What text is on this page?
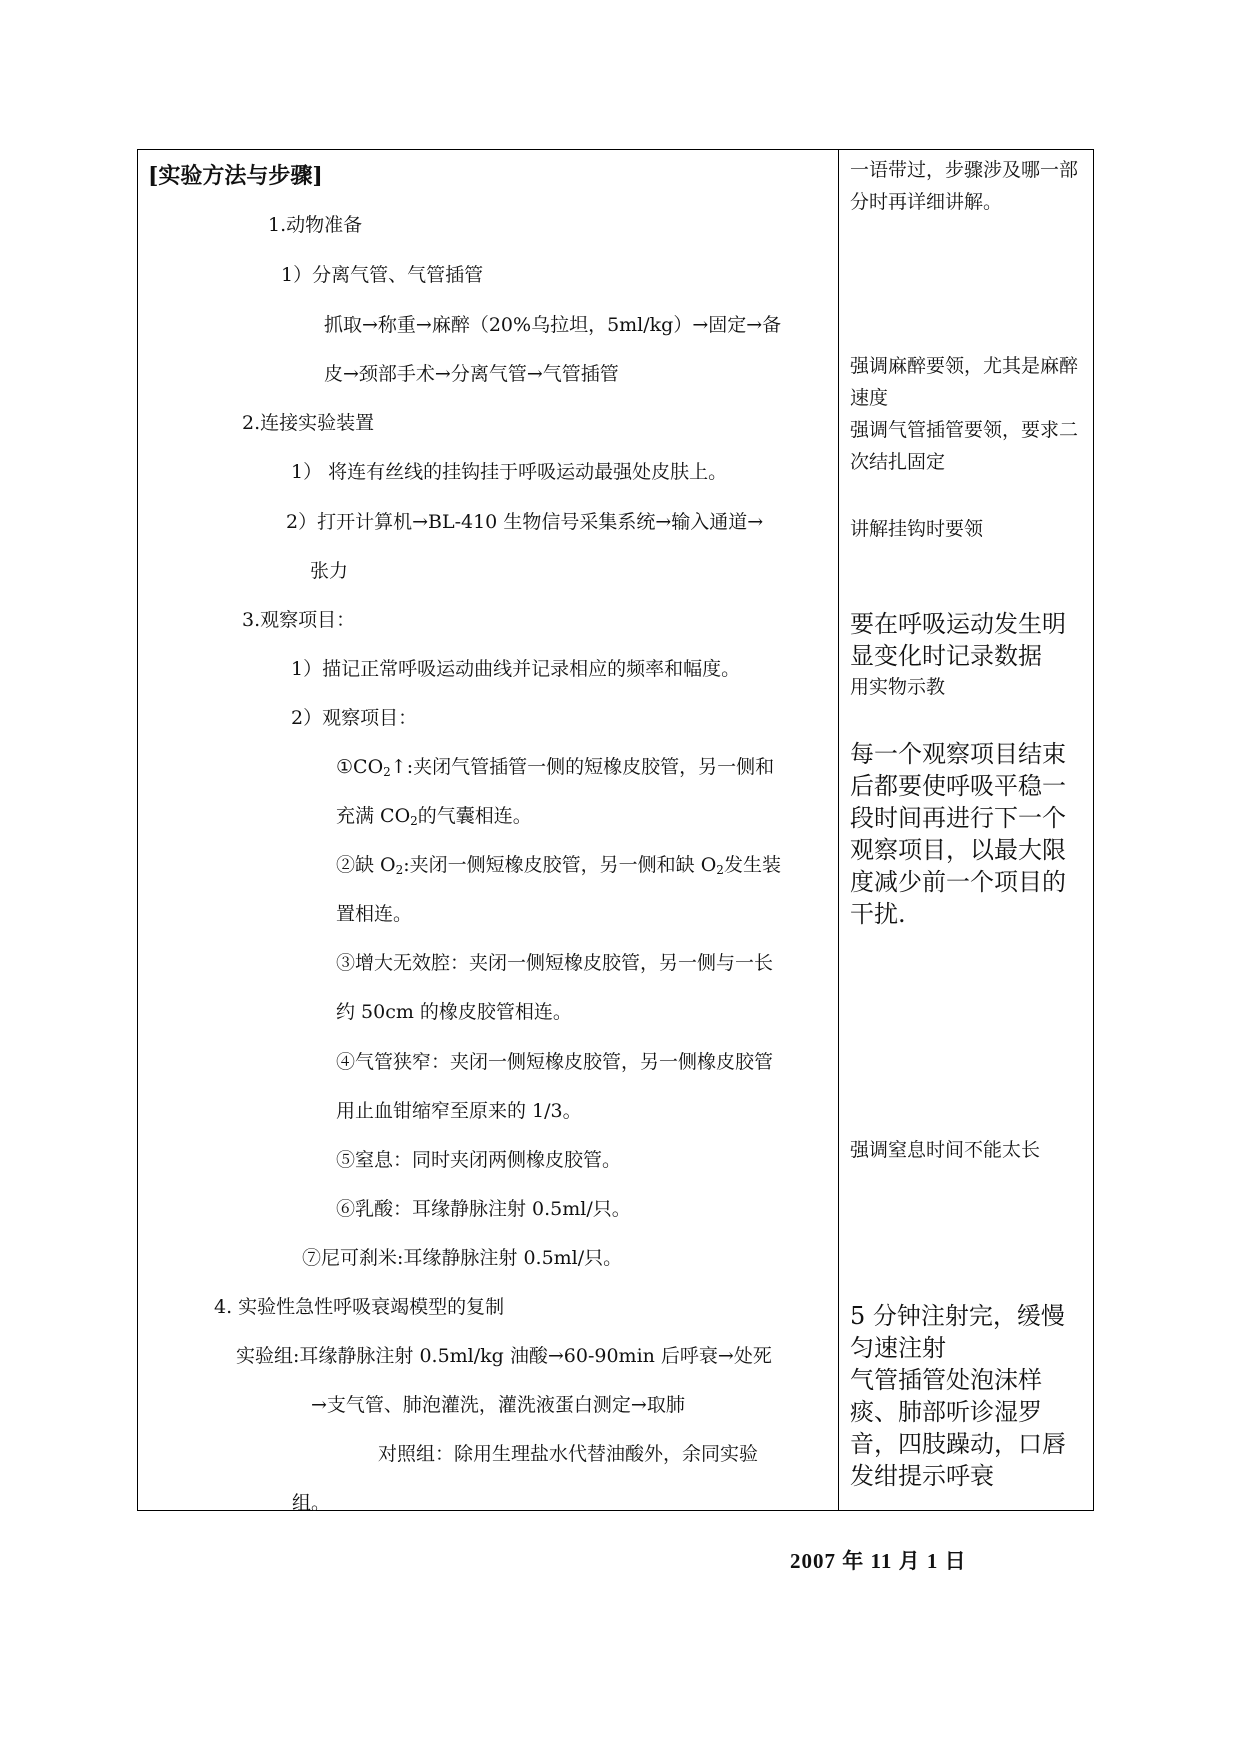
[实验方法与步骤]
1.动物准备
1）分离气管、气管插管
抓取→称重→麻醉（20%乌拉坦，5ml/kg）→固定→备
皮→颈部手术→分离气管→气管插管
2.连接实验装置
1） 将连有丝线的挂钩挂于呼吸运动最强处皮肤上。
2）打开计算机→BL-410 生物信号采集系统→输入通道→
张力
3.观察项目：
1）描记正常呼吸运动曲线并记录相应的频率和幅度。
2）观察项目：
$①CO_2↑$:夹闭气管插管一侧的短橡皮胶管，另一侧和
充满 $CO_2$的气囊相连。
②缺 $O_2$:夹闭一侧短橡皮胶管，另一侧和缺 $O_2$发生装
置相连。
③增大无效腔：夹闭一侧短橡皮胶管，另一侧与一长
约 50cm 的橡皮胶管相连。
④气管狭窄：夹闭一侧短橡皮胶管，另一侧橡皮胶管
用止血钳缩窄至原来的 1/3。
⑤窒息：同时夹闭两侧橡皮胶管。
⑥乳酸：耳缘静脉注射 0.5ml/只。
⑦尼可刹米:耳缘静脉注射 0.5ml/只。
4. 实验性急性呼吸衰竭模型的复制
实验组:耳缘静脉注射 0.5ml/kg 油酸→60-90min 后呼衰→处死
→支气管、肺泡灌洗，灌洗液蛋白测定→取肺
对照组：除用生理盐水代替油酸外，余同实验
组。
一语带过，步骤涉及哪一部分时再详细讲解。
强调麻醉要领，尤其是麻醉速度
强调气管插管要领，要求二次结扎固定
讲解挂钩时要领
要在呼吸运动发生明显变化时记录数据
用实物示教
每一个观察项目结束后都要使呼吸平稳一段时间再进行下一个观察项目，以最大限度减少前一个项目的干扰.
强调窒息时间不能太长
5 分钟注射完，缓慢匀速注射
气管插管处泡沫样痰、肺部听诊湿罗音，四肢躁动，口唇发绀提示呼衰
2007 年 11 月 1 日
